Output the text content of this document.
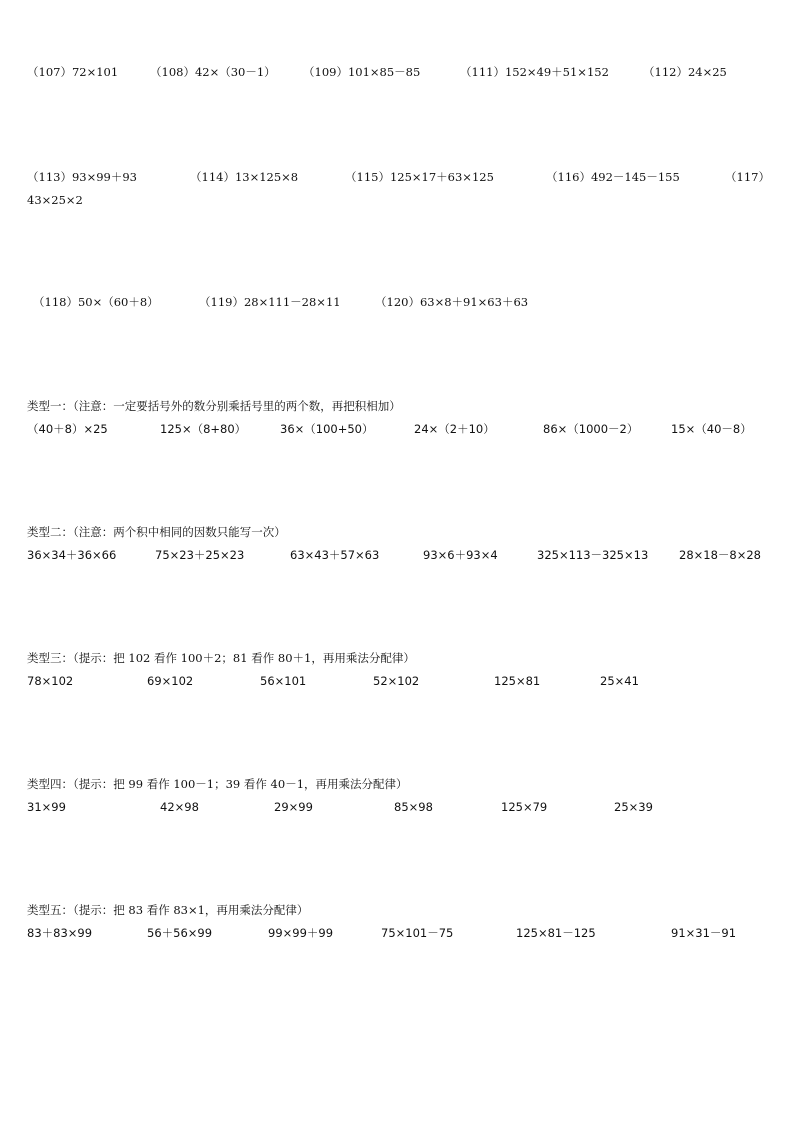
（107）72×101	（108）42×（30－1） （109）101×85－85	（111）152×49＋51×152	（112）24×25
（113）93×99＋93	（114）13×125×8	（115）125×17＋63×125	（116）492－145－155	（117）
43×25×2
（118）50×（60＋8）	（119）28×111－28×11	（120）63×8＋91×63＋63
类型一：（注意：一定要括号外的数分别乘括号里的两个数，再把积相加）
（40＋8）×25	125×（8+80）	36×（100+50）	24×（2＋10）	86×（1000－2）	15×（40－8）
类型二：（注意：两个积中相同的因数只能写一次）
36×34＋36×66	75×23＋25×23	63×43＋57×63	93×6＋93×4	325×113－325×13	28×18－8×28
类型三：（提示：把 102 看作 100＋2；81 看作 80＋1，再用乘法分配律）
78×102	69×102	56×101	52×102	125×81	25×41
类型四：（提示：把 99 看作 100－1；39 看作 40－1，再用乘法分配律）
31×99	42×98	29×99	85×98	125×79	25×39
类型五：（提示：把 83 看作 83×1，再用乘法分配律）
83＋83×99	56＋56×99	99×99＋99	75×101－75	125×81－125	91×31－91
